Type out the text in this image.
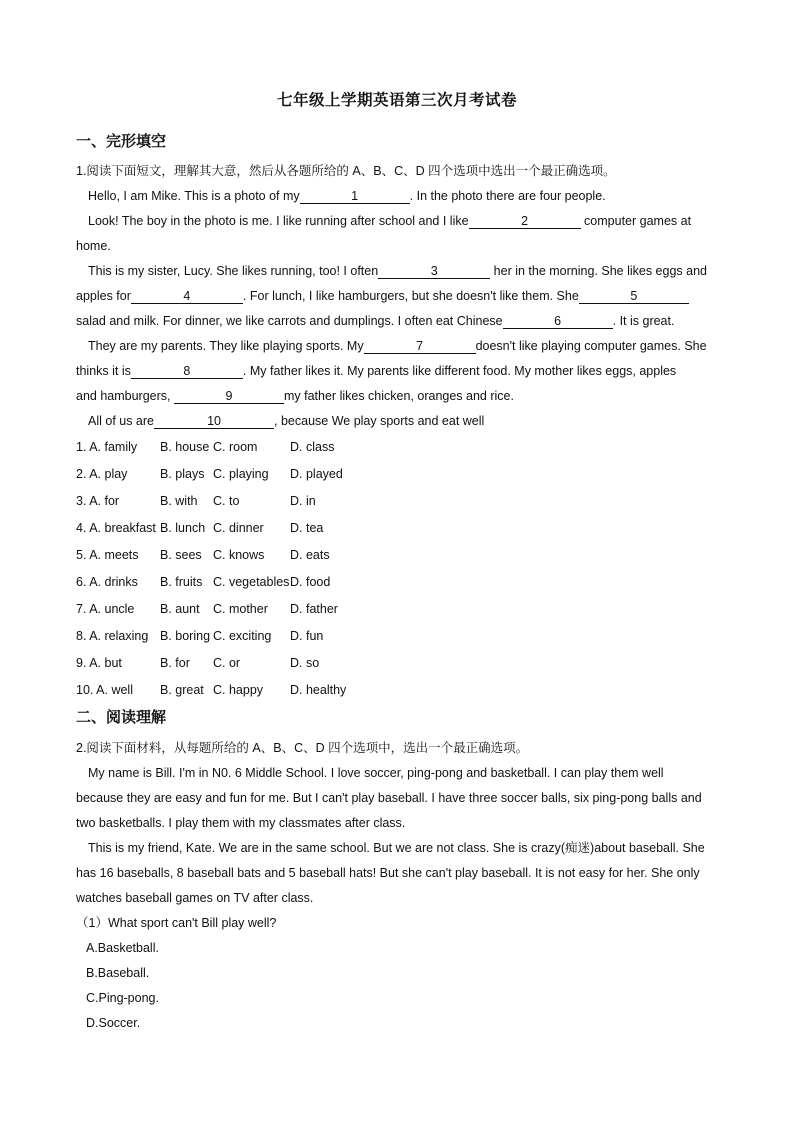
七年级上学期英语第三次月考试卷
一、完形填空
1.阅读下面短文，理解其大意，然后从各题所给的 A、B、C、D 四个选项中选出一个最正确选项。
Hello, I am Mike. This is a photo of my	1	. In the photo there are four people.
Look! The boy in the photo is me. I like running after school and I like	2	computer games at
home.
This is my sister, Lucy. She likes running, too! I often	3	her in the morning. She likes eggs and
apples for	4	. For lunch, I like hamburgers, but she doesn't like them. She	5
salad and milk. For dinner, we like carrots and dumplings. I often eat Chinese	6	. It is great.
They are my parents. They like playing sports. My	7	doesn't like playing computer games. She
thinks it is	8	. My father likes it. My parents like different food. My mother likes eggs, apples
and hamburgers,	9	my father likes chicken, oranges and rice.
All of us are	10	, because We play sports and eat well
1. A. family B. house C. room	D. class
2. A. play	B. plays C. playing D. played
3. A. for	B. with C. to	D. in
4. A. breakfast B. lunch C. dinner D. tea
5. A. meets B. sees C. knows D. eats
6. A. drinks B. fruits C. vegetables D. food
7. A. uncle B. aunt C. mother D. father
8. A. relaxing B. boring C. exciting D. fun
9. A. but	B. for C. or	D. so
10. A. well B. great C. happy D. healthy
二、阅读理解
2.阅读下面材料，从每题所给的 A、B、C、D 四个选项中，选出一个最正确选项。
My name is Bill. I'm in N0. 6 Middle School. I love soccer, ping-pong and basketball. I can play them well
because they are easy and fun for me. But I can't play baseball. I have three soccer balls, six ping-pong balls and
two basketballs. I play them with my classmates after class.
This is my friend, Kate. We are in the same school. But we are not class. She is crazy(痴迷)about baseball. She
has 16 baseballs, 8 baseball bats and 5 baseball hats! But she can't play baseball. It is not easy for her. She only
watches baseball games on TV after class.
（1）What sport can't Bill play well?
A.Basketball.
B.Baseball.
C.Ping-pong.
D.Soccer.
